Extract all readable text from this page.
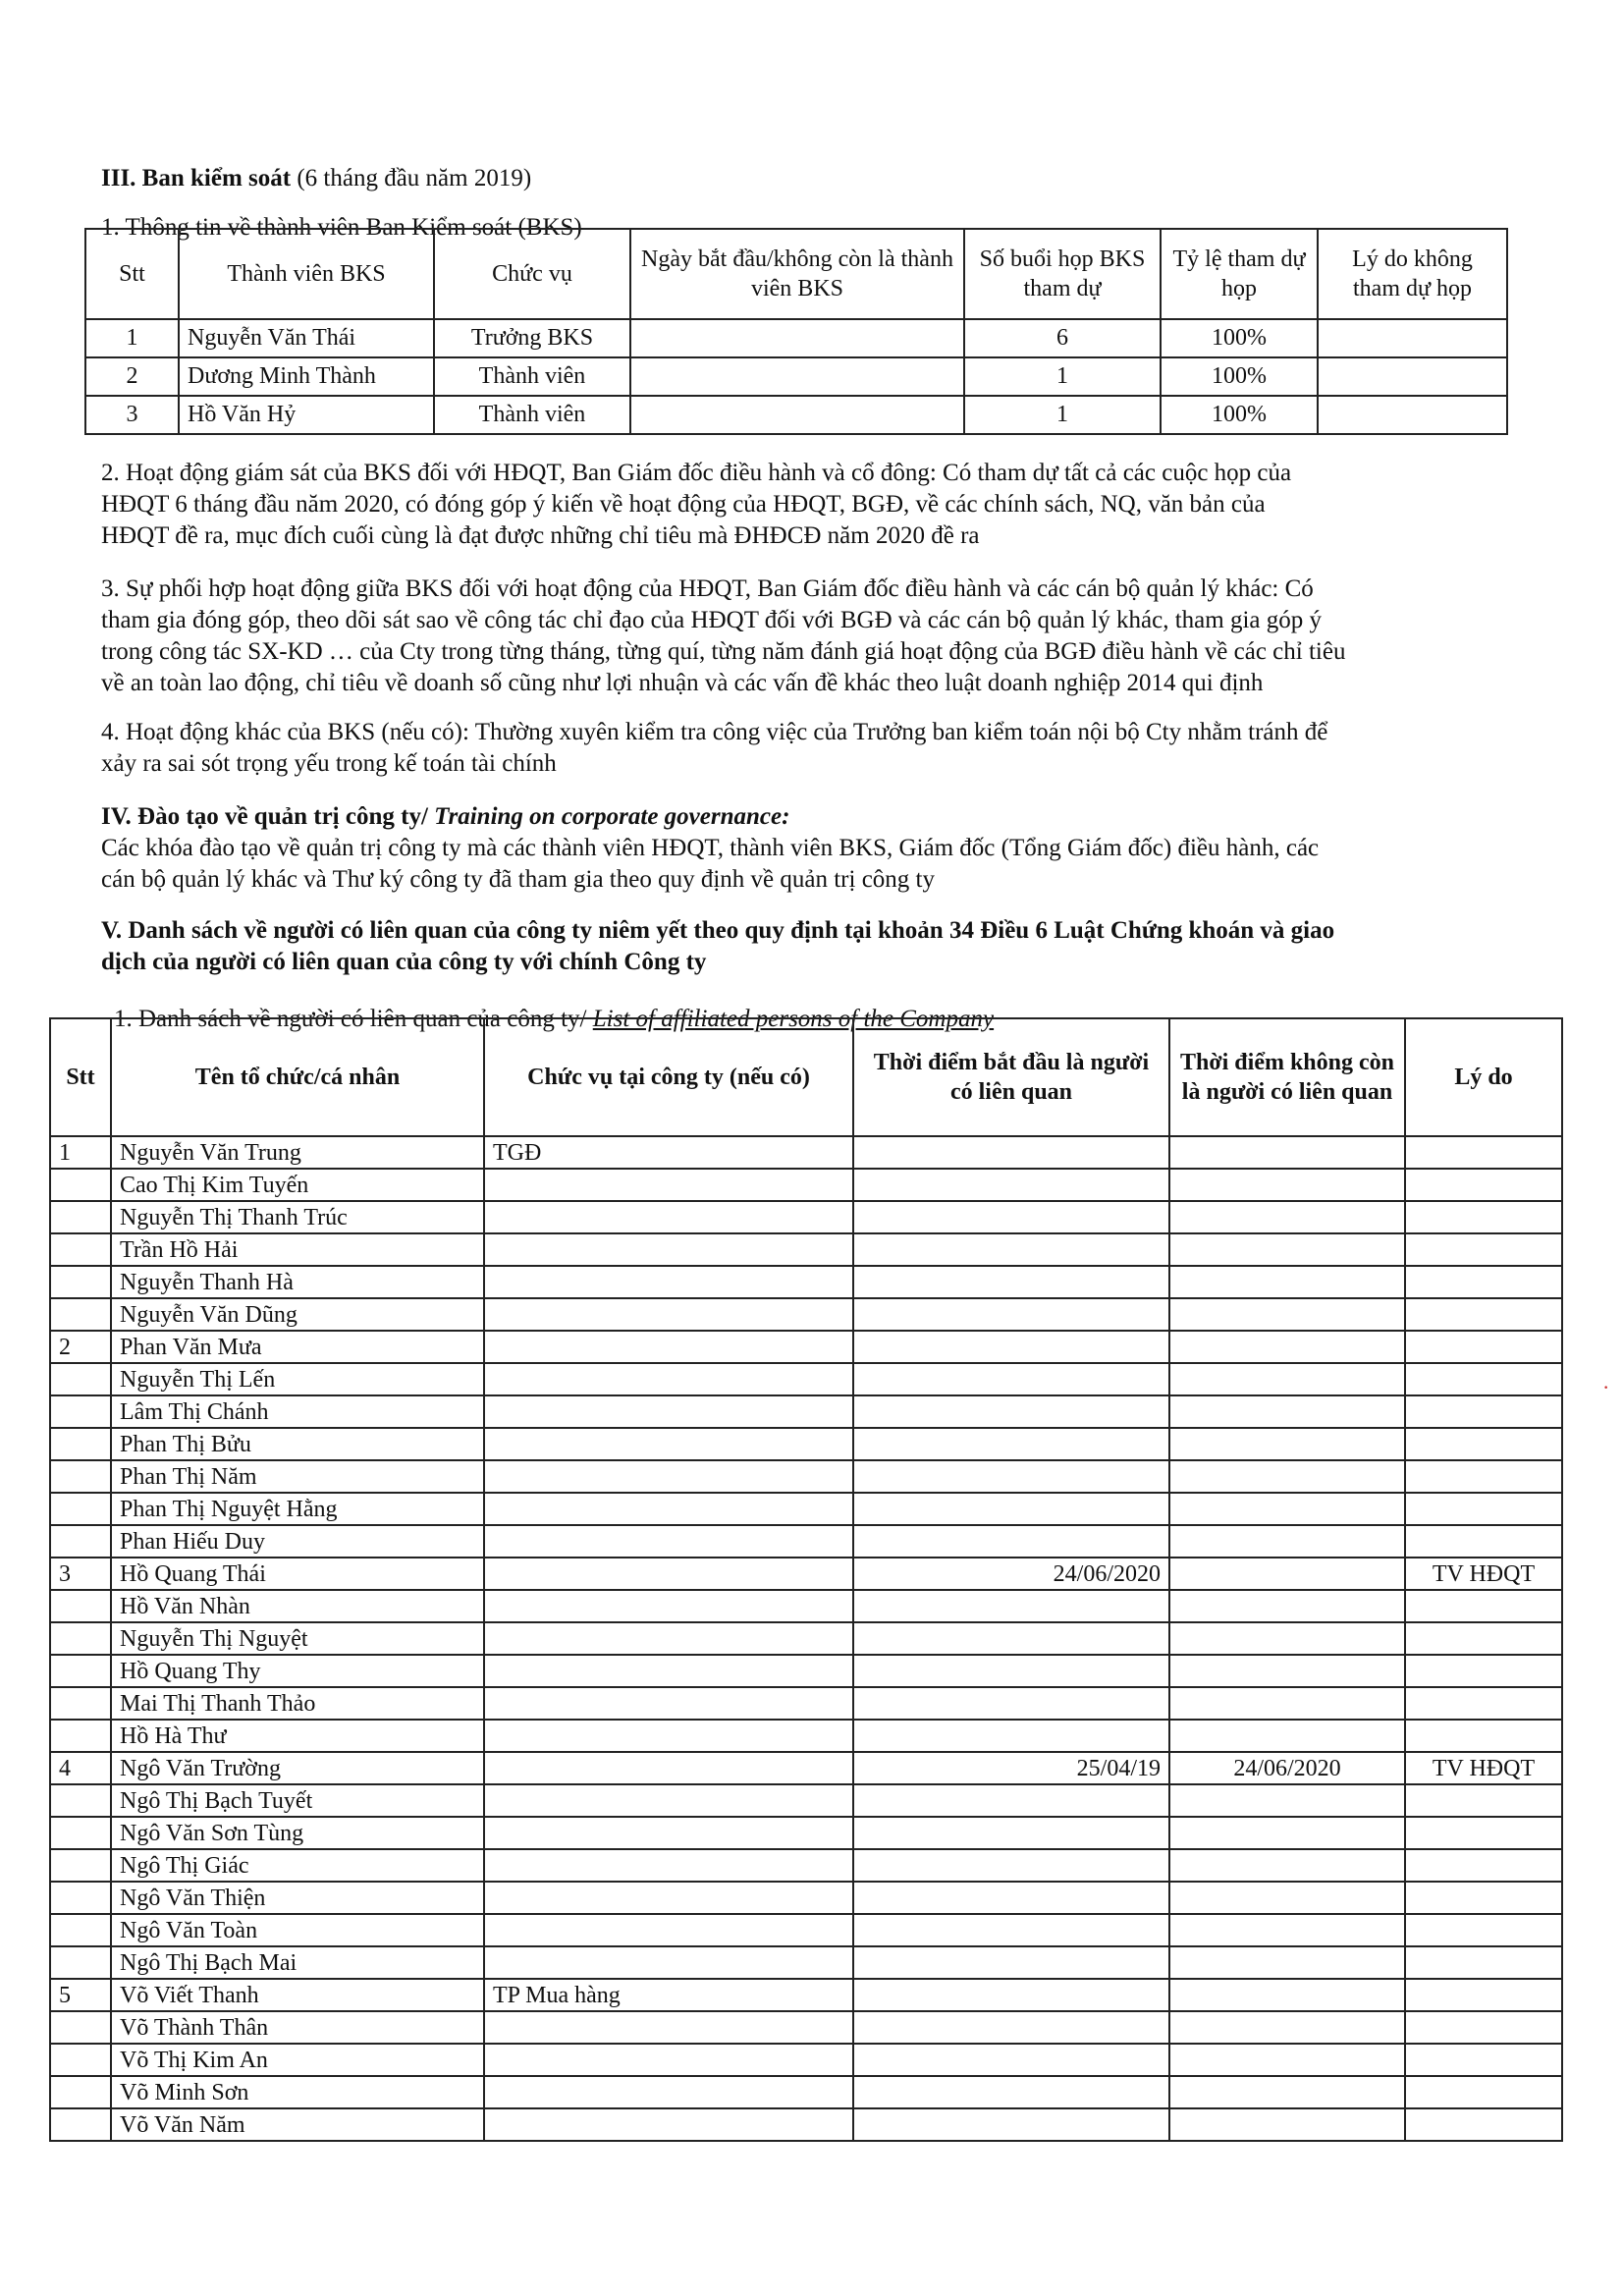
III. Ban kiểm soát (6 tháng đầu năm 2019)
1. Thông tin về thành viên Ban Kiểm soát (BKS)
Stt	Thành viên BKS	Chức vụ	Ngày bắt đầu/không còn là thành viên BKS	Số buổi họp BKS tham dự	Tỷ lệ tham dự họp	Lý do không tham dự họp
1	Nguyễn Văn Thái	Trưởng BKS		6	100%	
2	Dương Minh Thành	Thành viên		1	100%	
3	Hồ Văn Hỷ	Thành viên		1	100%	
2. Hoạt động giám sát của BKS đối với HĐQT, Ban Giám đốc điều hành và cổ đông: Có tham dự tất cả các cuộc họp của
HĐQT 6 tháng đầu năm 2020, có đóng góp ý kiến về hoạt động của HĐQT, BGĐ, về các chính sách, NQ, văn bản của
HĐQT đề ra, mục đích cuối cùng là đạt được những chỉ tiêu mà ĐHĐCĐ năm 2020 đề ra
3. Sự phối hợp hoạt động giữa BKS đối với hoạt động của HĐQT, Ban Giám đốc điều hành và các cán bộ quản lý khác: Có
tham gia đóng góp, theo dõi sát sao về công tác chỉ đạo của HĐQT đối với BGĐ và các cán bộ quản lý khác, tham gia góp ý
trong công tác SX-KD … của Cty trong từng tháng, từng quí, từng năm đánh giá hoạt động của BGĐ điều hành về các chỉ tiêu
về an toàn lao động, chỉ tiêu về doanh số cũng như lợi nhuận và các vấn đề khác theo luật doanh nghiệp 2014 qui định
4. Hoạt động khác của BKS (nếu có): Thường xuyên kiểm tra công việc của Trưởng ban kiểm toán nội bộ Cty nhằm tránh để
xảy ra sai sót trọng yếu trong kế toán tài chính
IV. Đào tạo về quản trị công ty/ Training on corporate governance:
Các khóa đào tạo về quản trị công ty mà các thành viên HĐQT, thành viên BKS, Giám đốc (Tổng Giám đốc) điều hành, các
cán bộ quản lý khác và Thư ký công ty đã tham gia theo quy định về quản trị công ty
V. Danh sách về người có liên quan của công ty niêm yết theo quy định tại khoản 34 Điều 6 Luật Chứng khoán và giao
dịch của người có liên quan của công ty với chính Công ty
1. Danh sách về người có liên quan của công ty/ List of affiliated persons of the Company
Stt	Tên tổ chức/cá nhân	Chức vụ tại công ty (nếu có)	Thời điểm bắt đầu là người có liên quan	Thời điểm không còn là người có liên quan	Lý do
1	Nguyễn Văn Trung	TGĐ			
	Cao Thị Kim Tuyến				
	Nguyễn Thị Thanh Trúc				
	Trần Hồ Hải				
	Nguyễn Thanh Hà				
	Nguyễn Văn Dũng				
2	Phan Văn Mưa				
	Nguyễn Thị Lến				
	Lâm Thị Chánh				
	Phan Thị Bửu				
	Phan Thị Năm				
	Phan Thị Nguyệt Hằng				
	Phan Hiếu Duy				
3	Hồ Quang Thái		24/06/2020		TV HĐQT
	Hồ Văn Nhàn				
	Nguyễn Thị Nguyệt				
	Hồ Quang Thy				
	Mai Thị Thanh Thảo				
	Hồ Hà Thư				
4	Ngô Văn Trường		25/04/19	24/06/2020	TV HĐQT
	Ngô Thị Bạch Tuyết				
	Ngô Văn Sơn Tùng				
	Ngô Thị Giác				
	Ngô Văn Thiện				
	Ngô Văn Toàn				
	Ngô Thị Bạch Mai				
5	Võ Viết Thanh	TP Mua hàng			
	Võ Thành Thân				
	Võ Thị Kim An				
	Võ Minh Sơn				
	Võ Văn Năm				
·
